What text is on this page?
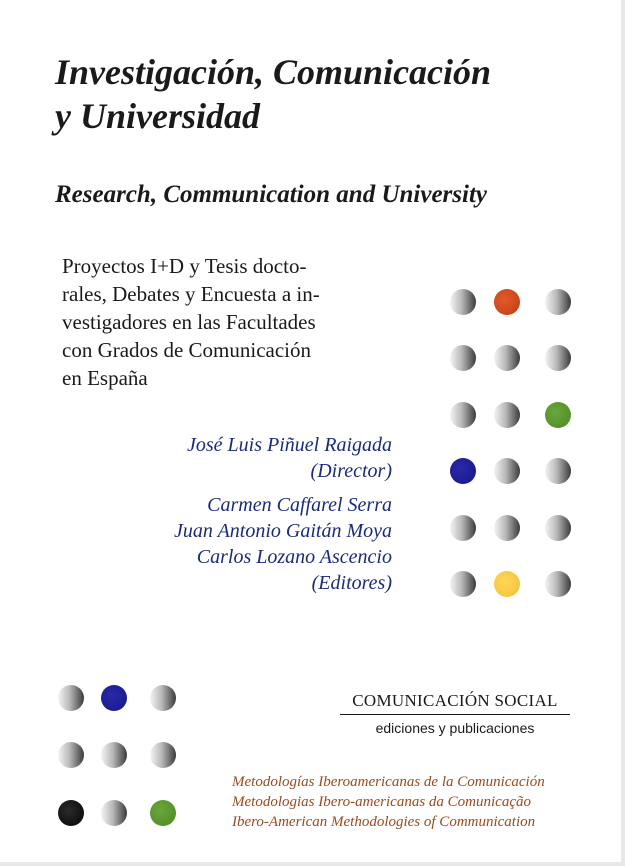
Investigación, Comunicación
y Universidad
Research, Communication and University
Proyectos I+D y Tesis docto-
rales, Debates y Encuesta a in-
vestigadores en las Facultades
con Grados de Comunicación
en España
José Luis Piñuel Raigada
(Director)
Carmen Caffarel Serra
Juan Antonio Gaitán Moya
Carlos Lozano Ascencio
(Editores)
COMUNICACIÓN SOCIAL
ediciones y publicaciones
Metodologías Iberoamericanas de la Comunicación
Metodologias Ibero-americanas da Comunicação
Ibero-American Methodologies of Communication
